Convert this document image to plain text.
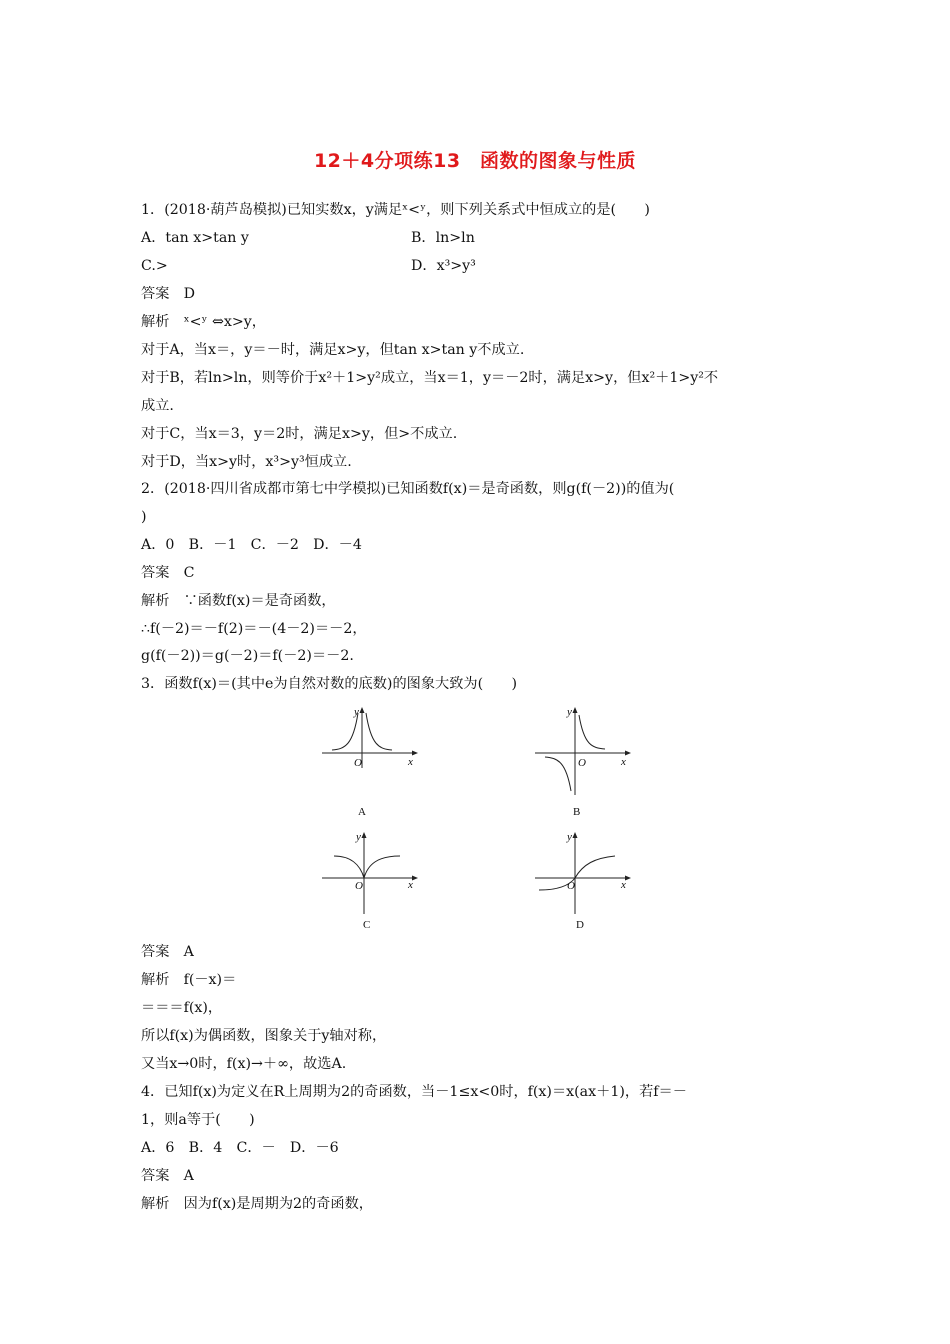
12＋4分项练13　函数的图象与性质
1．(2018·葫芦岛模拟)已知实数x，y满足ˣ<ʸ，则下列关系式中恒成立的是(　　)
A．tan x>tan y	B．ln>ln
C.>	D．x³>y³
答案　D
解析　ˣ<ʸ ⇔x>y，
对于A，当x＝，y＝－时，满足x>y，但tan x>tan y不成立.
对于B，若ln>ln，则等价于x²＋1>y²成立，当x＝1，y＝－2时，满足x>y，但x²＋1>y²不
成立.
对于C，当x＝3，y＝2时，满足x>y，但>不成立.
对于D，当x>y时，x³>y³恒成立.
2．(2018·四川省成都市第七中学模拟)已知函数f(x)＝是奇函数，则g(f(－2))的值为(
)
A．0　B．－1　C．－2　D．－4
答案　C
解析　∵函数f(x)＝是奇函数，
∴f(－2)＝－f(2)＝－(4－2)＝－2，
g(f(－2))＝g(－2)＝f(－2)＝－2.
3．函数f(x)＝(其中e为自然对数的底数)的图象大致为(　　)
y
x
O
A
y
x
O
B
y
x
O
C
y
x
O
D
答案　A
解析　f(－x)＝
＝＝＝f(x)，
所以f(x)为偶函数，图象关于y轴对称，
又当x→0时，f(x)→＋∞，故选A.
4．已知f(x)为定义在R上周期为2的奇函数，当－1≤x<0时，f(x)＝x(ax＋1)，若f＝－
1，则a等于(　　)
A．6　B．4　C．－　D．－6
答案　A
解析　因为f(x)是周期为2的奇函数，
